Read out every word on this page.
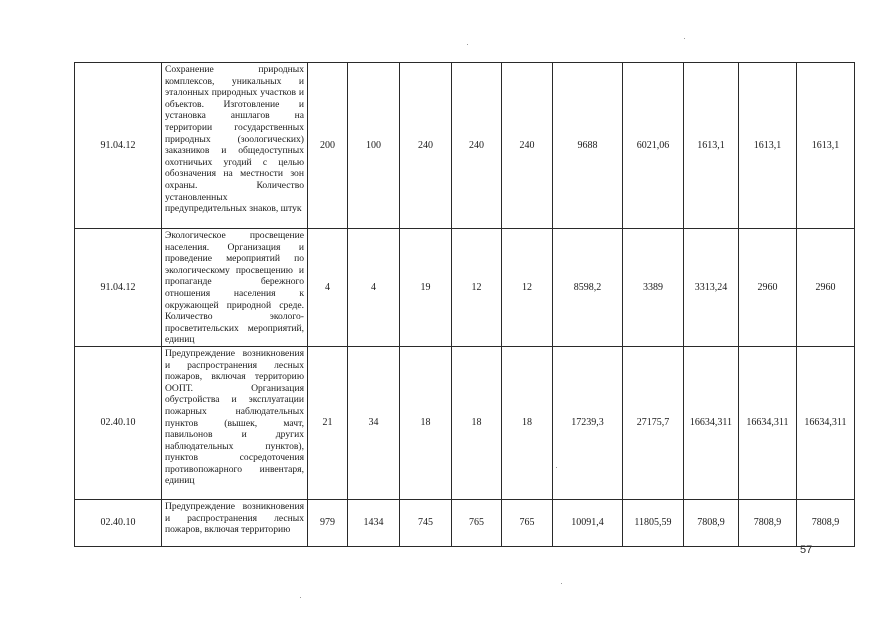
91.04.12	Сохранение природных комплексов, уникальных и эталонных природных участков и объектов. Изготовление и установка аншлагов на территории государственных природных (зоологических) заказников и общедоступных охотничьих угодий с целью обозначения на местности зон охраны. Количество установленных предупредительных знаков, штук	200	100	240	240	240	9688	6021,06	1613,1	1613,1	1613,1
91.04.12	Экологическое просвещение населения. Организация и проведение мероприятий по экологическому просвещению и пропаганде бережного отношения населения к окружающей природной среде. Количество эколого-просветительских мероприятий, единиц	4	4	19	12	12	8598,2	3389	3313,24	2960	2960
02.40.10	Предупреждение возникновения и распространения лесных пожаров, включая территорию ООПТ. Организация обустройства и эксплуатации пожарных наблюдательных пунктов (вышек, мачт, павильонов и других наблюдательных пунктов), пунктов сосредоточения противопожарного инвентаря, единиц	21	34	18	18	18	17239,3	27175,7	16634,311	16634,311	16634,311
02.40.10	Предупреждение возникновения и распространения лесных пожаров, включая территорию	979	1434	745	765	765	10091,4	11805,59	7808,9	7808,9	7808,9
57
